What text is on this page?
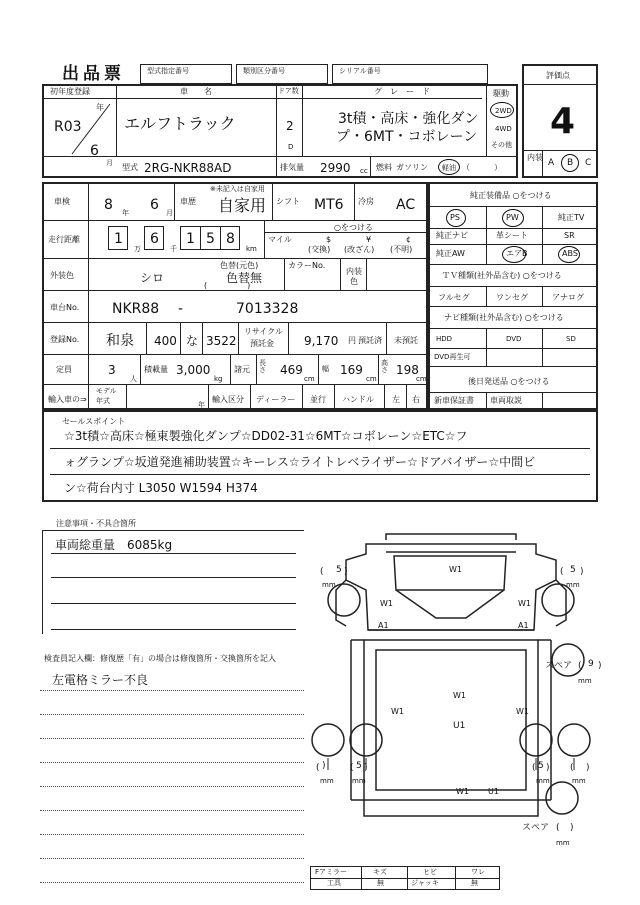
出品票	型式指定番号	類別区分番号	シリアル番号	評価点
4
内装
A B C
初年度登録
R03
年
6
月
車　　名
エルフトラック
ドア数
2
D
グ　レ　ー　ド
3t積・高床・強化ダン
プ・6MT・コボレーン
駆動
2WD
4WD
その他
型式 2RG-NKR88AD	排気量 2990 cc 燃料 ガソリン 軽油 （　　　）
車検 8 年 6 月
車歴
※未記入は自家用
自家用 シフト MT6 冷房 AC
走行距離 1
万
6
千
1 5 8
km
マイル
○をつける
$
(交換)
¥
(改ざん)
¢
(不明)
外装色	シロ
色替(元色)
色替無
(　　　　　)
カラーNo.
内装
色
車台No. NKR88 -	7013328
登録No. 和泉 400 な 3522
リサイクル
預託金	9,170 円 預託済 未預託
定員	3
人
積載量 3,000
kg
諸元
長さ 469
cm
幅 169
cm
高さ 198
cm
輸入車の⇒
モデル
年式	年
輸入区分 ディーラー 並行 ハンドル 左 右
純正装備品 ○をつける
PS	PW	純正TV
純正ナビ	革シート	SR
純正AW	エアB	ABS
ＴＶ種類(社外品含む) ○をつける
フルセグ	ワンセグ	アナログ
ナビ種類(社外品含む) ○をつける
HDD	DVD	SD
DVD再生可
後日発送品 ○をつける
新車保証書 車両取説
セールスポイント
☆3t積☆高床☆極東製強化ダンプ☆DD02-31☆6MT☆コボレーン☆ETC☆フ
ォグランプ☆坂道発進補助装置☆キーレス☆ライトレベライザー☆ドアバイザー☆中間ビ
ン☆荷台内寸 L3050 W1594 H374
注意事項・不具合箇所
車両総重量　6085kg
検査員記入欄：修復歴「有」の場合は修復箇所・交換箇所を記入
左電格ミラー不良
W1
W1	W1
A1	A1
W1
W1	W1
U1
W1 U1
( 5 )
mm
( 5 )
mm
スペア ( 9 )
mm
( )
mm
( 5 )
mm
( 5 )
mm
( )
mm
スペア ( )
mm
Fアミラー	キズ	ヒビ	ワレ
工具	無	ジャッキ	無
